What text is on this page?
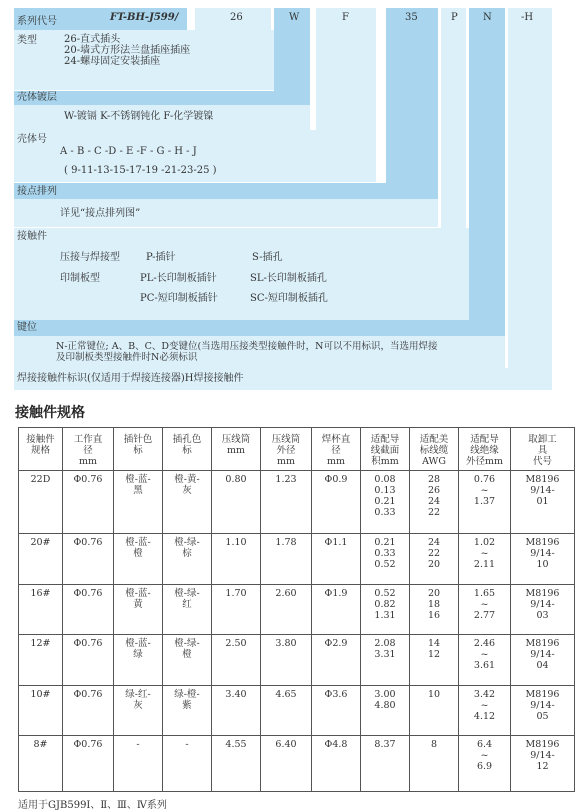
系列代号	FT-BH-J599/	26	W	F	35	P	N	-H
类型	26-直式插头
20-墙式方形法兰盘插座插座
24-螺母固定安装插座
壳体镀层
W-镀镉 K-不锈钢钝化 F-化学镀镍
壳体号
A - B - C -D - E -F - G - H - J
( 9-11-13-15-17-19 -21-23-25 )
接点排列
详见“接点排列图”
接触件
压接与焊接型	P-插针	S-插孔
印制板型	PL-长印制板插针	SL-长印制板插孔
PC-短印制板插针	SC-短印制板插孔
键位
N-正常键位; A、B、C、D变键位(当选用压接类型接触件时，N可以不用标识，当选用焊接
及印制板类型接触件时N必须标识
焊接接触件标识(仅适用于焊接连接器)H焊接接触件
接触件规格
接触件
规格	工作直
径
mm	插针色
标	插孔色
标	压线筒
mm	压线筒
外径
mm	焊杯直
径
mm	适配导
线截面
积mm	适配美
标线缆
AWG	适配导
线绝缘
外径mm	取卸工
具
代号
22D	Φ0.76	橙-蓝-
黑	橙-黄-
灰	0.80	1.23	Φ0.9	0.08
0.13
0.21
0.33	28
26
24
22	0.76
~
1.37	M8196
9/14-
01
20#	Φ0.76	橙-蓝-
橙	橙-绿-
棕	1.10	1.78	Φ1.1	0.21
0.33
0.52	24
22
20	1.02
~
2.11	M8196
9/14-
10
16#	Φ0.76	橙-蓝-
黄	橙-绿-
红	1.70	2.60	Φ1.9	0.52
0.82
1.31	20
18
16	1.65
~
2.77	M8196
9/14-
03
12#	Φ0.76	橙-蓝-
绿	橙-绿-
橙	2.50	3.80	Φ2.9	2.08
3.31	14
12	2.46
~
3.61	M8196
9/14-
04
10#	Φ0.76	绿-红-
灰	绿-橙-
紫	3.40	4.65	Φ3.6	3.00
4.80	10	3.42
~
4.12	M8196
9/14-
05
8#	Φ0.76	-	-	4.55	6.40	Φ4.8	8.37	8	6.4
~
6.9	M8196
9/14-
12
适用于GJB599Ⅰ、Ⅱ、Ⅲ、Ⅳ系列
